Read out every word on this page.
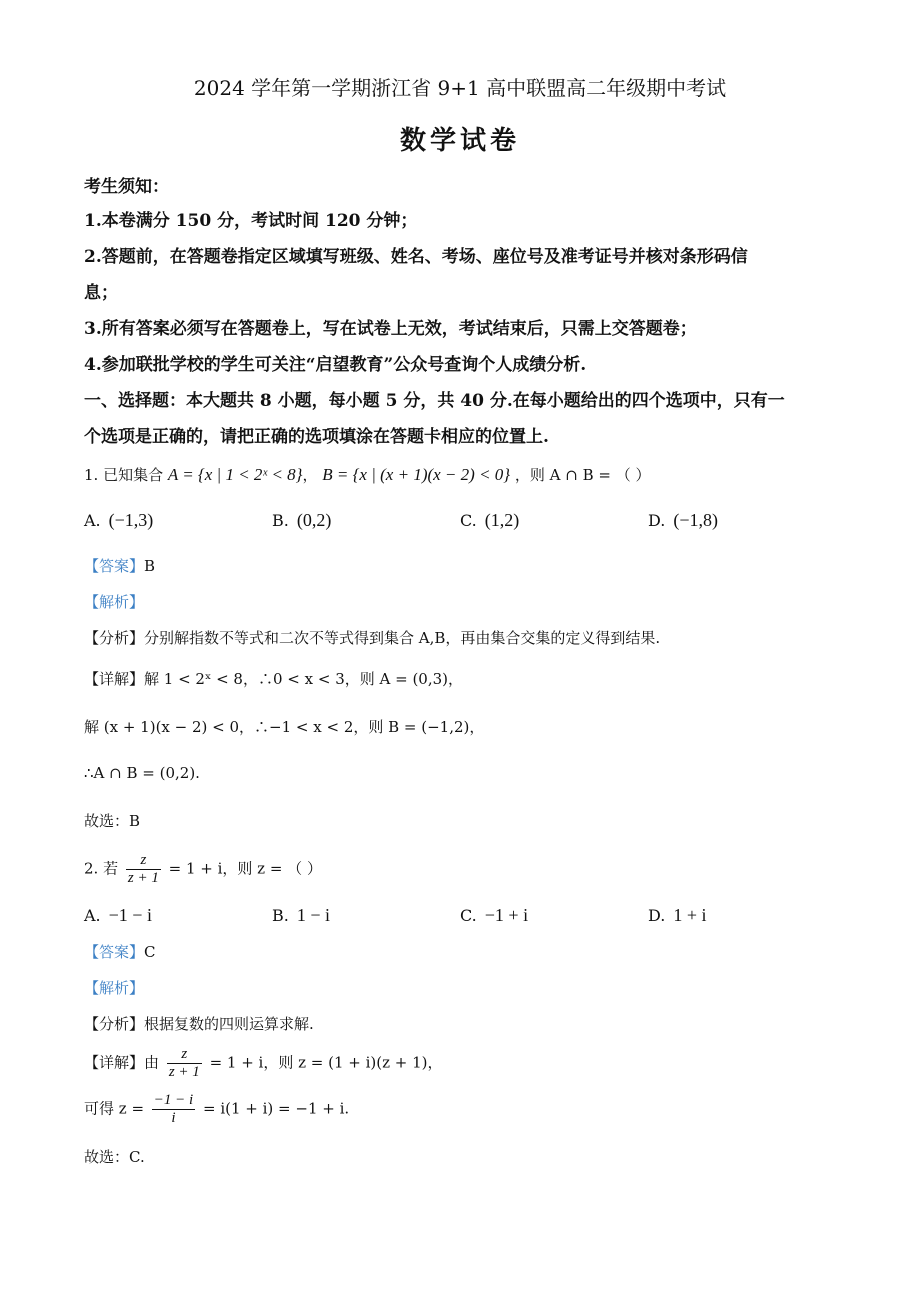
2024 学年第一学期浙江省 9+1 高中联盟高二年级期中考试
数学试卷
考生须知：
1.本卷满分 150 分，考试时间 120 分钟；
2.答题前，在答题卷指定区域填写班级、姓名、考场、座位号及准考证号并核对条形码信
息；
3.所有答案必须写在答题卷上，写在试卷上无效，考试结束后，只需上交答题卷；
4.参加联批学校的学生可关注“启望教育”公众号查询个人成绩分析.
一、选择题：本大题共 8 小题，每小题 5 分，共 40 分.在每小题给出的四个选项中，只有一
个选项是正确的，请把正确的选项填涂在答题卡相应的位置上.
1. 已知集合 A = {x | 1 < 2ˣ < 8}， B = {x | (x + 1)(x − 2) < 0} ，则 A ∩ B = （ ）
A. (−1,3)	B. (0,2)	C. (1,2)	D. (−1,8)
【答案】B
【解析】
【分析】分别解指数不等式和二次不等式得到集合 A,B，再由集合交集的定义得到结果.
【详解】解 1 < 2ˣ < 8，∴0 < x < 3，则 A = (0,3)，
解 (x + 1)(x − 2) < 0，∴−1 < x < 2，则 B = (−1,2)，
∴A ∩ B = (0,2).
故选：B
2. 若 $\frac{z}{z + 1} = 1 + i$，则 z = （ ）
A. −1 − i	B. 1 − i	C. −1 + i	D. 1 + i
【答案】C
【解析】
【分析】根据复数的四则运算求解.
【详解】由 $\frac{z}{z + 1} = 1 + i$，则 z = (1 + i)(z + 1)，
可得 $z = \frac{-1 - i}{i} = i(1 + i) = -1 + i$.
故选：C.
